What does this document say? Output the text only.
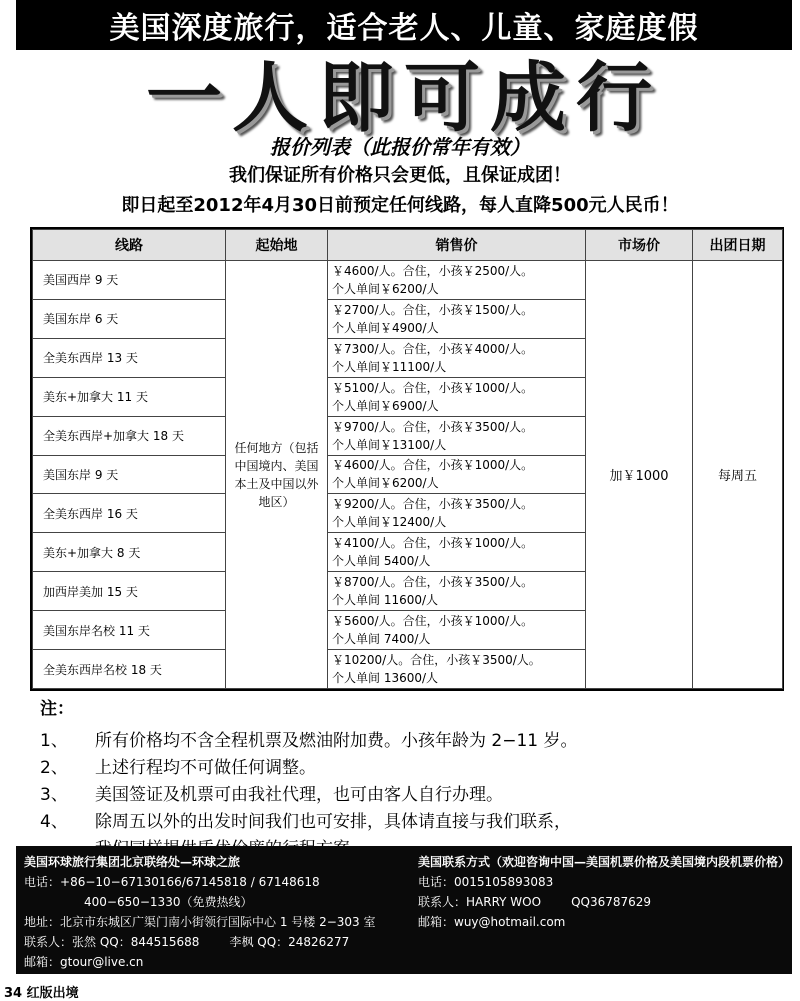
美国深度旅行，适合老人、儿童、家庭度假
一人即可成行
报价列表（此报价常年有效）
我们保证所有价格只会更低，且保证成团！
即日起至2012年4月30日前预定任何线路，每人直降500元人民币！
线路	起始地	销售价	市场价	出团日期
美国西岸 9 天	任何地方（包括中国境内、美国本土及中国以外地区）	￥4600/人。合住，小孩￥2500/人。
个人单间￥6200/人	加￥1000	每周五
美国东岸 6 天		￥2700/人。合住，小孩￥1500/人。
个人单间￥4900/人		

全美东西岸 13 天		￥7300/人。合住，小孩￥4000/人。
个人单间￥11100/人		

美东+加拿大 11 天		￥5100/人。合住，小孩￥1000/人。
个人单间￥6900/人		

全美东西岸+加拿大 18 天		￥9700/人。合住，小孩￥3500/人。
个人单间￥13100/人		

美国东岸 9 天		￥4600/人。合住，小孩￥1000/人。
个人单间￥6200/人		

全美东西岸 16 天		￥9200/人。合住，小孩￥3500/人。
个人单间￥12400/人		

美东+加拿大 8 天		￥4100/人。合住，小孩￥1000/人。
个人单间 5400/人		

加西岸美加 15 天		￥8700/人。合住，小孩￥3500/人。
个人单间 11600/人		

美国东岸名校 11 天		￥5600/人。合住，小孩￥1000/人。
个人单间 7400/人		

全美东西岸名校 18 天		￥10200/人。合住，小孩￥3500/人。
个人单间 13600/人		
注：
1、	所有价格均不含全程机票及燃油附加费。小孩年龄为 2−11 岁。
2、	上述行程均不可做任何调整。
3、	美国签证及机票可由我社代理，也可由客人自行办理。
4、	除周五以外的出发时间我们也可安排，具体请直接与我们联系，
美国环球旅行集团北京联络处—环球之旅
电话：+86−10−67130166/67145818 / 67148618
400−650−1330（免费热线）
地址：北京市东城区广渠门南小街领行国际中心 1 号楼 2−303 室
联系人：张然 QQ：844515688	李枫 QQ：24826277
邮箱：gtour@live.cn
美国联系方式（欢迎咨询中国—美国机票价格及美国境内段机票价格）
电话：0015105893083
联系人：HARRY WOO	QQ36787629
邮箱：wuy@hotmail.com
34 红版出境
